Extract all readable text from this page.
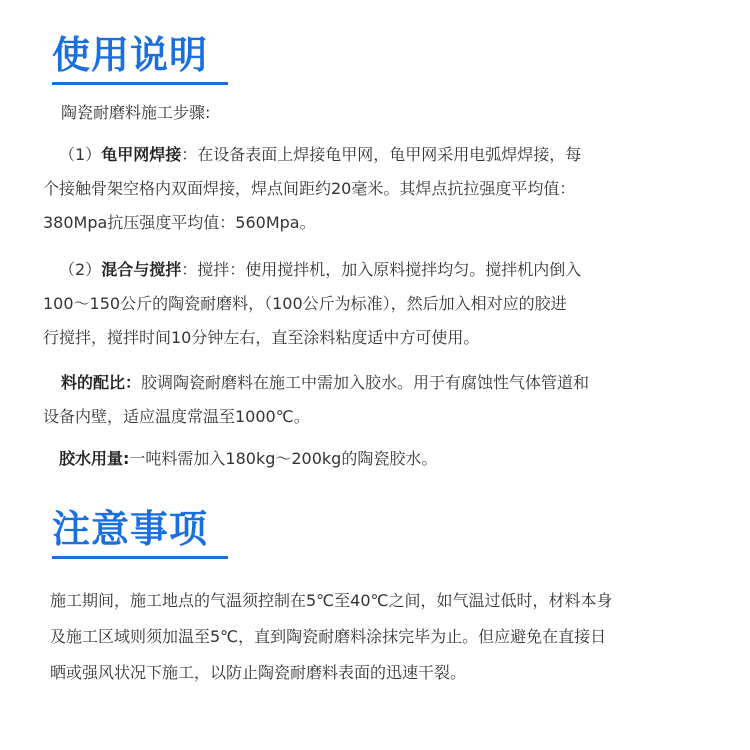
使用说明
陶瓷耐磨料施工步骤:
（1）龟甲网焊接：在设备表面上焊接龟甲网，龟甲网采用电弧焊焊接，每
个接触骨架空格内双面焊接，焊点间距约20毫米。其焊点抗拉强度平均值：
380Mpa抗压强度平均值：560Mpa。
（2）混合与搅拌：搅拌：使用搅拌机，加入原料搅拌均匀。搅拌机内倒入
100～150公斤的陶瓷耐磨料，（100公斤为标准），然后加入相对应的胶进
行搅拌，搅拌时间10分钟左右，直至涂料粘度适中方可使用。
料的配比：胶调陶瓷耐磨料在施工中需加入胶水。用于有腐蚀性气体管道和
设备内壁，适应温度常温至1000℃。
胶水用量:一吨料需加入180kg～200kg的陶瓷胶水。
注意事项
施工期间，施工地点的气温须控制在5℃至40℃之间，如气温过低时，材料本身
及施工区域则须加温至5℃，直到陶瓷耐磨料涂抹完毕为止。但应避免在直接日
晒或强风状况下施工，以防止陶瓷耐磨料表面的迅速干裂。
